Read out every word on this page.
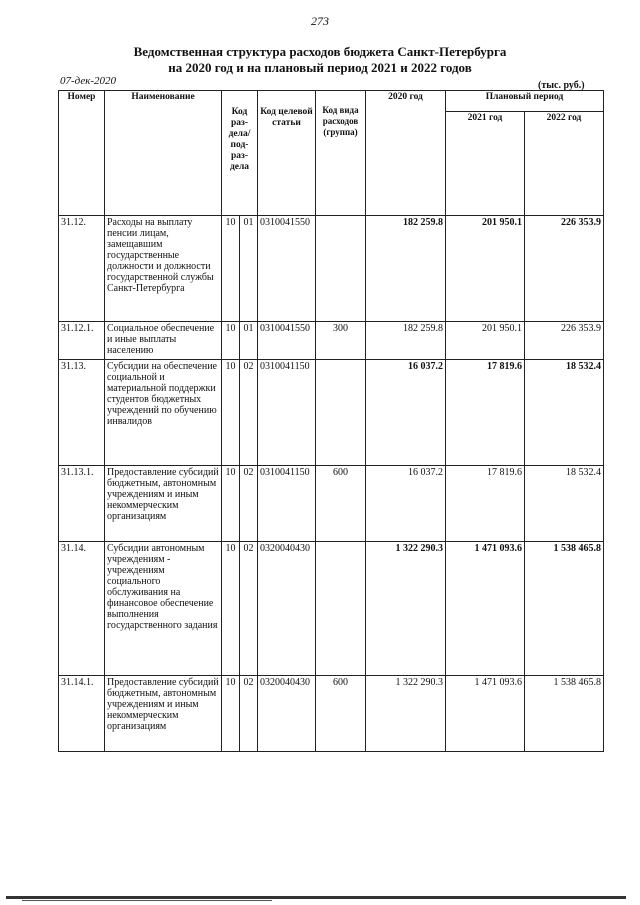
273
Ведомственная структура расходов бюджета Санкт-Петербурга
на 2020 год и на плановый период 2021 и 2022 годов
07-дек-2020	(тыс. руб.)
Номер	Наименование	Код раз-дела/ под-раз-дела		Код целевой статьи	Код вида расходов (группа)	2020 год	Плановый период	
							2021 год	2022 год
31.12.	Расходы на выплату пенсии лицам, замещавшим государственные должности и должности государственной службы Санкт-Петербурга	10	01	0310041550		182 259.8	201 950.1	226 353.9
31.12.1.	Социальное обеспечение и иные выплаты населению	10	01	0310041550	300	182 259.8	201 950.1	226 353.9
31.13.	Субсидии на обеспечение социальной и материальной поддержки студентов бюджетных учреждений по обучению инвалидов	10	02	0310041150		16 037.2	17 819.6	18 532.4
31.13.1.	Предоставление субсидий бюджетным, автономным учреждениям и иным некоммерческим организациям	10	02	0310041150	600	16 037.2	17 819.6	18 532.4
31.14.	Субсидии автономным учреждениям - учреждениям социального обслуживания на финансовое обеспечение выполнения государственного задания	10	02	0320040430		1 322 290.3	1 471 093.6	1 538 465.8
31.14.1.	Предоставление субсидий бюджетным, автономным учреждениям и иным некоммерческим организациям	10	02	0320040430	600	1 322 290.3	1 471 093.6	1 538 465.8
